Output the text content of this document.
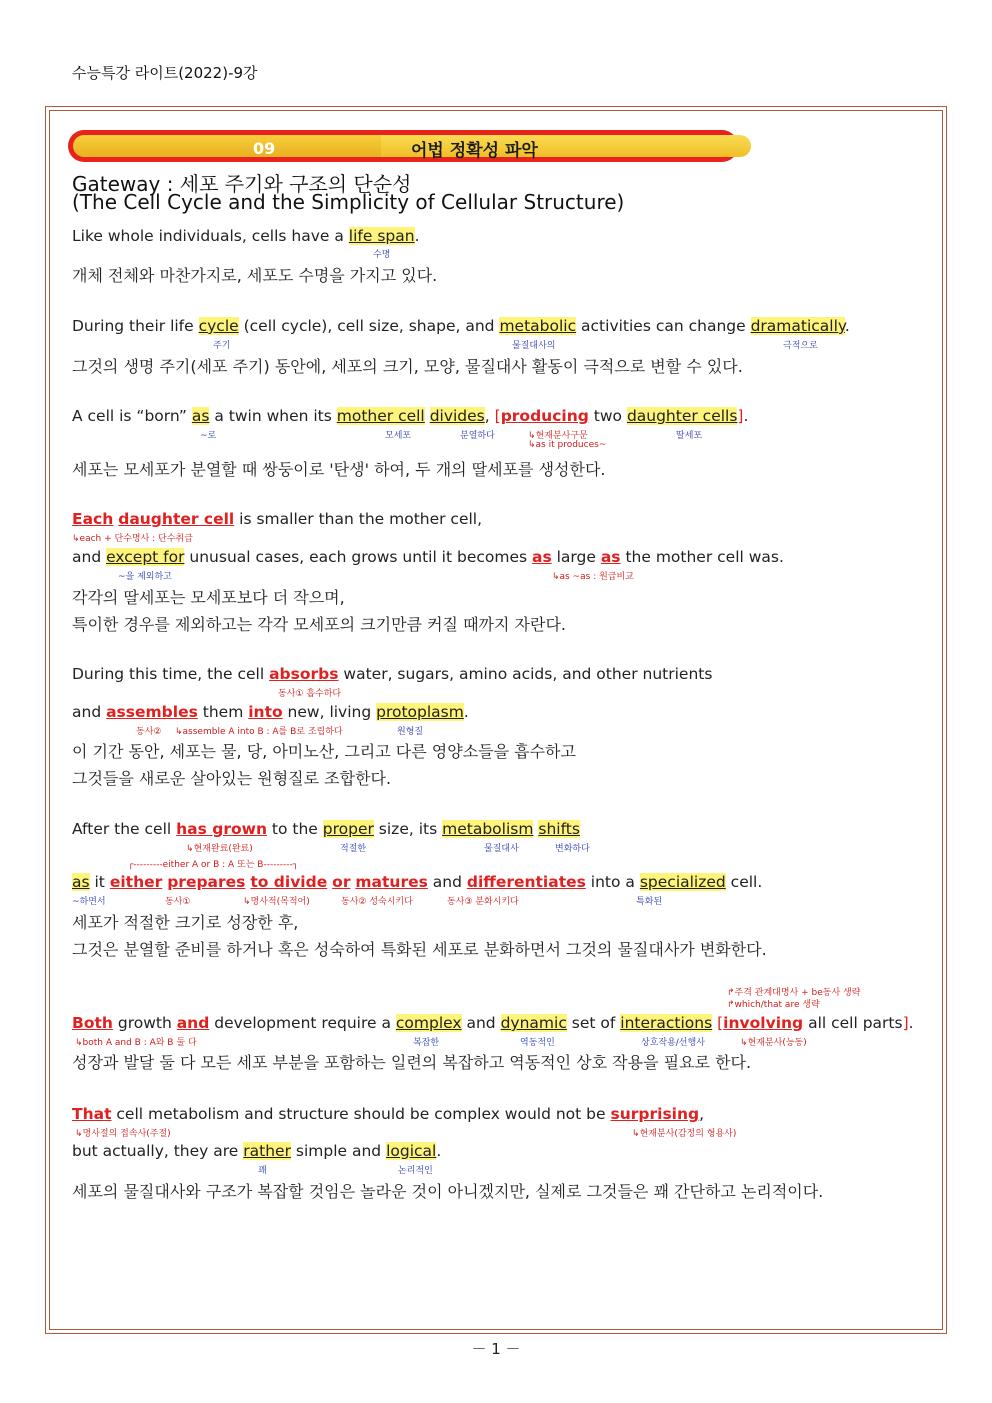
수능특강 라이트(2022)-9강
09	어법 정확성 파악
Gateway : 세포 주기와 구조의 단순성
(The Cell Cycle and the Simplicity of Cellular Structure)
Like whole individuals, cells have a life span.
수명
개체 전체와 마찬가지로, 세포도 수명을 가지고 있다.
During their life cycle (cell cycle), cell size, shape, and metabolic activities can change dramatically.
주기	물질대사의	극적으로
그것의 생명 주기(세포 주기) 동안에, 세포의 크기, 모양, 물질대사 활동이 극적으로 변할 수 있다.
A cell is “born” as a twin when its mother cell divides, [producing two daughter cells].
~로	모세포	분열하다	↳현재분사구문
↳as it produces~
딸세포
세포는 모세포가 분열할 때 쌍둥이로 '탄생' 하여, 두 개의 딸세포를 생성한다.
Each daughter cell is smaller than the mother cell,
↳each + 단수명사 : 단수취급
and except for unusual cases, each grows until it becomes as large as the mother cell was.
~을 제외하고	↳as ~as : 원급비교
각각의 딸세포는 모세포보다 더 작으며,
특이한 경우를 제외하고는 각각 모세포의 크기만큼 커질 때까지 자란다.
During this time, the cell absorbs water, sugars, amino acids, and other nutrients
동사① 흡수하다
and assembles them into new, living protoplasm.
동사② ↳assemble A into B : A를 B로 조립하다	원형질
이 기간 동안, 세포는 물, 당, 아미노산, 그리고 다른 영양소들을 흡수하고
그것들을 새로운 살아있는 원형질로 조합한다.
After the cell has grown to the proper size, its metabolism shifts
↳현재완료(완료)	적절한	물질대사	변화하다
┌---------either A or B : A 또는 B---------┐
as it either prepares to divide or matures and differentiates into a specialized cell.
~하면서	동사①	↳명사적(목적어)	동사② 성숙시키다	동사③ 분화시키다	특화된
세포가 적절한 크기로 성장한 후,
그것은 분열할 준비를 하거나 혹은 성숙하여 특화된 세포로 분화하면서 그것의 물질대사가 변화한다.
↱주격 관계대명사 + be동사 생략
↱which/that are 생략
Both growth and development require a complex and dynamic set of interactions [involving all cell parts].
↳both A and B : A와 B 둘 다	복잡한	역동적인	상호작용/선행사	↳현재분사(능동)
성장과 발달 둘 다 모든 세포 부분을 포함하는 일련의 복잡하고 역동적인 상호 작용을 필요로 한다.
That cell metabolism and structure should be complex would not be surprising,
↳명사절의 접속사(주절)	↳현재분사(감정의 형용사)
but actually, they are rather simple and logical.
꽤	논리적인
세포의 물질대사와 구조가 복잡할 것임은 놀라운 것이 아니겠지만, 실제로 그것들은 꽤 간단하고 논리적이다.
－ 1 －
